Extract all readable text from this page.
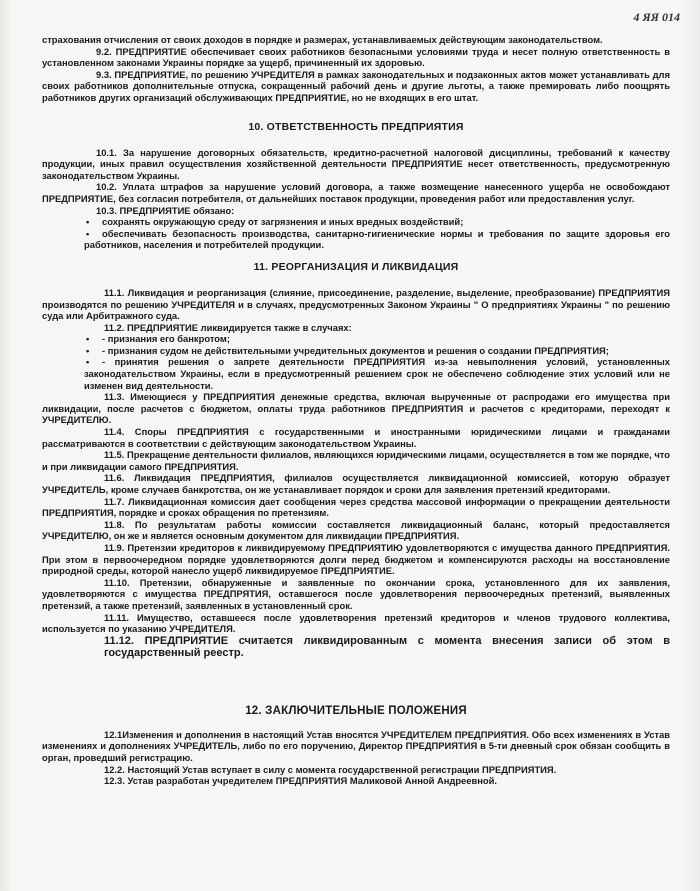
4 ЯЯ 014

страхования отчисления от своих доходов в порядке и размерах, устанавливаемых действующим законодательством.

9.2. ПРЕДПРИЯТИЕ обеспечивает своих работников безопасными условиями труда и несет полную ответственность в установленном законами Украины порядке за ущерб, причиненный их здоровью.

9.3. ПРЕДПРИЯТИЕ, по решению УЧРЕДИТЕЛЯ в рамках законодательных и подзаконных актов может устанавливать для своих работников дополнительные отпуска, сокращенный рабочий день и другие льготы, а также премировать либо поощрять работников других организаций обслуживающих ПРЕДПРИЯТИЕ, но не входящих в его штат.

10. ОТВЕТСТВЕННОСТЬ ПРЕДПРИЯТИЯ

10.1. За нарушение договорных обязательств, кредитно-расчетной налоговой дисциплины, требований к качеству продукции, иных правил осуществления хозяйственной деятельности ПРЕДПРИЯТИЕ несет ответственность, предусмотренную законодательством Украины.

10.2. Уплата штрафов за нарушение условий договора, а также возмещение нанесенного ущерба не освобождают ПРЕДПРИЯТИЕ, без согласия потребителя, от дальнейших поставок продукции, проведения работ или предоставления услуг.

10.3. ПРЕДПРИЯТИЕ обязано:

• сохранять окружающую среду от загрязнения и иных вредных воздействий;

• обеспечивать безопасность производства, санитарно-гигиенические нормы и требования по защите здоровья его работников, населения и потребителей продукции.

11. РЕОРГАНИЗАЦИЯ И ЛИКВИДАЦИЯ

11.1. Ликвидация и реорганизация (слияние, присоединение, разделение, выделение, преобразование) ПРЕДПРИЯТИЯ производятся по решению УЧРЕДИТЕЛЯ и в случаях, предусмотренных Законом Украины " О предприятиях Украины " по решению суда или Арбитражного суда.

11.2. ПРЕДПРИЯТИЕ ликвидируется также в случаях:

• - признания его банкротом;

• - признания судом не действительными учредительных документов и решения о создании ПРЕДПРИЯТИЯ;

• - принятия решения о запрете деятельности ПРЕДПРИЯТИЯ из-за невыполнения условий, установленных законодательством Украины, если в предусмотренный решением срок не обеспечено соблюдение этих условий или не изменен вид деятельности.

11.3. Имеющиеся у ПРЕДПРИЯТИЯ денежные средства, включая вырученные от распродажи его имущества при ликвидации, после расчетов с бюджетом, оплаты труда работников ПРЕДПРИЯТИЯ и расчетов с кредиторами, переходят к УЧРЕДИТЕЛЮ.

11.4. Споры ПРЕДПРИЯТИЯ с государственными и иностранными юридическими лицами и гражданами рассматриваются в соответствии с действующим законодательством Украины.

11.5. Прекращение деятельности филиалов, являющихся юридическими лицами, осуществляется в том же порядке, что и при ликвидации самого ПРЕДПРИЯТИЯ.

11.6. Ликвидация ПРЕДПРИЯТИЯ, филиалов осуществляется ликвидационной комиссией, которую образует УЧРЕДИТЕЛЬ, кроме случаев банкротства, он же устанавливает порядок и сроки для заявления претензий кредиторами.

11.7. Ликвидационная комиссия дает сообщения через средства массовой информации о прекращении деятельности ПРЕДПРИЯТИЯ, порядке и сроках обращения по претензиям.

11.8. По результатам работы комиссии составляется ликвидационный баланс, который предоставляется УЧРЕДИТЕЛЮ, он же и является основным документом для ликвидации ПРЕДПРИЯТИЯ.

11.9. Претензии кредиторов к ликвидируемому ПРЕДПРИЯТИЮ удовлетворяются с имущества данного ПРЕДПРИЯТИЯ. При этом в первоочередном порядке удовлетворяются долги перед бюджетом и компенсируются расходы на восстановление природной среды, которой нанесло ущерб ликвидируемое ПРЕДПРИЯТИЕ.

11.10. Претензии, обнаруженные и заявленные по окончании срока, установленного для их заявления, удовлетворяются с имущества ПРЕДПРЯТИЯ, оставшегося после удовлетворения первоочередных претензий, выявленных претензий, а также претензий, заявленных в установленный срок.

11.11. Имущество, оставшееся после удовлетворения претензий кредиторов и членов трудового коллектива, используется по указанию УЧРЕДИТЕЛЯ.

11.12. ПРЕДПРИЯТИЕ считается ликвидированным с момента внесения записи об этом в государственный реестр.

12. ЗАКЛЮЧИТЕЛЬНЫЕ ПОЛОЖЕНИЯ

12.1Изменения и дополнения в настоящий Устав вносятся УЧРЕДИТЕЛЕМ ПРЕДПРИЯТИЯ. Обо всех изменениях в Устав изменениях и дополнениях УЧРЕДИТЕЛЬ, либо по его поручению, Директор ПРЕДПРИЯТИЯ в 5-ти дневный срок обязан сообщить в орган, проведший регистрацию.

12.2. Настоящий Устав вступает в силу с момента государственной регистрации ПРЕДПРИЯТИЯ.

12.3. Устав разработан учредителем ПРЕДПРИЯТИЯ Маликовой Анной Андреевной.
